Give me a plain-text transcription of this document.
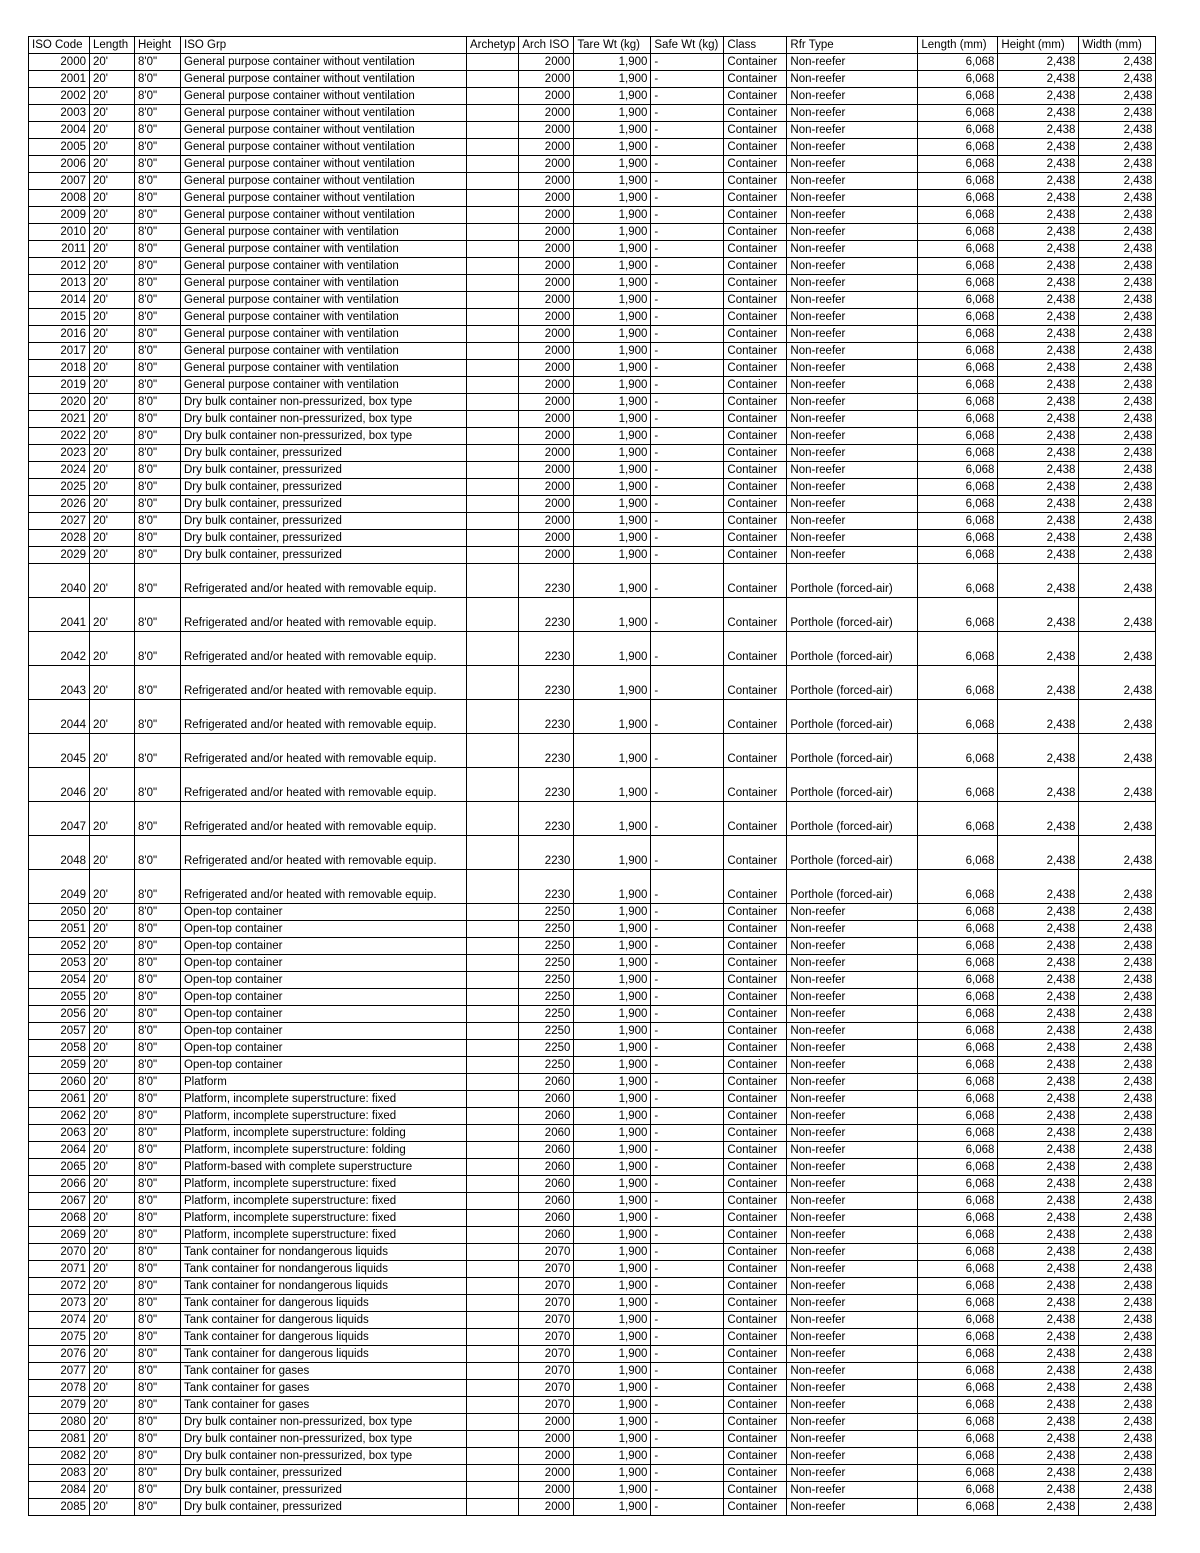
ISO Code	Length	Height	ISO Grp	Archetyp	Arch ISO	Tare Wt (kg)	Safe Wt (kg)	Class	Rfr Type	Length (mm)	Height (mm)	Width (mm)
2000	20'	8'0"	General purpose container without ventilation		2000	1,900	-	Container	Non-reefer	6,068	2,438	2,438
2001	20'	8'0"	General purpose container without ventilation		2000	1,900	-	Container	Non-reefer	6,068	2,438	2,438
2002	20'	8'0"	General purpose container without ventilation		2000	1,900	-	Container	Non-reefer	6,068	2,438	2,438
2003	20'	8'0"	General purpose container without ventilation		2000	1,900	-	Container	Non-reefer	6,068	2,438	2,438
2004	20'	8'0"	General purpose container without ventilation		2000	1,900	-	Container	Non-reefer	6,068	2,438	2,438
2005	20'	8'0"	General purpose container without ventilation		2000	1,900	-	Container	Non-reefer	6,068	2,438	2,438
2006	20'	8'0"	General purpose container without ventilation		2000	1,900	-	Container	Non-reefer	6,068	2,438	2,438
2007	20'	8'0"	General purpose container without ventilation		2000	1,900	-	Container	Non-reefer	6,068	2,438	2,438
2008	20'	8'0"	General purpose container without ventilation		2000	1,900	-	Container	Non-reefer	6,068	2,438	2,438
2009	20'	8'0"	General purpose container without ventilation		2000	1,900	-	Container	Non-reefer	6,068	2,438	2,438
2010	20'	8'0"	General purpose container with ventilation		2000	1,900	-	Container	Non-reefer	6,068	2,438	2,438
2011	20'	8'0"	General purpose container with ventilation		2000	1,900	-	Container	Non-reefer	6,068	2,438	2,438
2012	20'	8'0"	General purpose container with ventilation		2000	1,900	-	Container	Non-reefer	6,068	2,438	2,438
2013	20'	8'0"	General purpose container with ventilation		2000	1,900	-	Container	Non-reefer	6,068	2,438	2,438
2014	20'	8'0"	General purpose container with ventilation		2000	1,900	-	Container	Non-reefer	6,068	2,438	2,438
2015	20'	8'0"	General purpose container with ventilation		2000	1,900	-	Container	Non-reefer	6,068	2,438	2,438
2016	20'	8'0"	General purpose container with ventilation		2000	1,900	-	Container	Non-reefer	6,068	2,438	2,438
2017	20'	8'0"	General purpose container with ventilation		2000	1,900	-	Container	Non-reefer	6,068	2,438	2,438
2018	20'	8'0"	General purpose container with ventilation		2000	1,900	-	Container	Non-reefer	6,068	2,438	2,438
2019	20'	8'0"	General purpose container with ventilation		2000	1,900	-	Container	Non-reefer	6,068	2,438	2,438
2020	20'	8'0"	Dry bulk container non-pressurized, box type		2000	1,900	-	Container	Non-reefer	6,068	2,438	2,438
2021	20'	8'0"	Dry bulk container non-pressurized, box type		2000	1,900	-	Container	Non-reefer	6,068	2,438	2,438
2022	20'	8'0"	Dry bulk container non-pressurized, box type		2000	1,900	-	Container	Non-reefer	6,068	2,438	2,438
2023	20'	8'0"	Dry bulk container, pressurized		2000	1,900	-	Container	Non-reefer	6,068	2,438	2,438
2024	20'	8'0"	Dry bulk container, pressurized		2000	1,900	-	Container	Non-reefer	6,068	2,438	2,438
2025	20'	8'0"	Dry bulk container, pressurized		2000	1,900	-	Container	Non-reefer	6,068	2,438	2,438
2026	20'	8'0"	Dry bulk container, pressurized		2000	1,900	-	Container	Non-reefer	6,068	2,438	2,438
2027	20'	8'0"	Dry bulk container, pressurized		2000	1,900	-	Container	Non-reefer	6,068	2,438	2,438
2028	20'	8'0"	Dry bulk container, pressurized		2000	1,900	-	Container	Non-reefer	6,068	2,438	2,438
2029	20'	8'0"	Dry bulk container, pressurized		2000	1,900	-	Container	Non-reefer	6,068	2,438	2,438
2040	20'	8'0"	Refrigerated and/or heated with removable equip.		2230	1,900	-	Container	Porthole (forced-air)	6,068	2,438	2,438
2041	20'	8'0"	Refrigerated and/or heated with removable equip.		2230	1,900	-	Container	Porthole (forced-air)	6,068	2,438	2,438
2042	20'	8'0"	Refrigerated and/or heated with removable equip.		2230	1,900	-	Container	Porthole (forced-air)	6,068	2,438	2,438
2043	20'	8'0"	Refrigerated and/or heated with removable equip.		2230	1,900	-	Container	Porthole (forced-air)	6,068	2,438	2,438
2044	20'	8'0"	Refrigerated and/or heated with removable equip.		2230	1,900	-	Container	Porthole (forced-air)	6,068	2,438	2,438
2045	20'	8'0"	Refrigerated and/or heated with removable equip.		2230	1,900	-	Container	Porthole (forced-air)	6,068	2,438	2,438
2046	20'	8'0"	Refrigerated and/or heated with removable equip.		2230	1,900	-	Container	Porthole (forced-air)	6,068	2,438	2,438
2047	20'	8'0"	Refrigerated and/or heated with removable equip.		2230	1,900	-	Container	Porthole (forced-air)	6,068	2,438	2,438
2048	20'	8'0"	Refrigerated and/or heated with removable equip.		2230	1,900	-	Container	Porthole (forced-air)	6,068	2,438	2,438
2049	20'	8'0"	Refrigerated and/or heated with removable equip.		2230	1,900	-	Container	Porthole (forced-air)	6,068	2,438	2,438
2050	20'	8'0"	Open-top container		2250	1,900	-	Container	Non-reefer	6,068	2,438	2,438
2051	20'	8'0"	Open-top container		2250	1,900	-	Container	Non-reefer	6,068	2,438	2,438
2052	20'	8'0"	Open-top container		2250	1,900	-	Container	Non-reefer	6,068	2,438	2,438
2053	20'	8'0"	Open-top container		2250	1,900	-	Container	Non-reefer	6,068	2,438	2,438
2054	20'	8'0"	Open-top container		2250	1,900	-	Container	Non-reefer	6,068	2,438	2,438
2055	20'	8'0"	Open-top container		2250	1,900	-	Container	Non-reefer	6,068	2,438	2,438
2056	20'	8'0"	Open-top container		2250	1,900	-	Container	Non-reefer	6,068	2,438	2,438
2057	20'	8'0"	Open-top container		2250	1,900	-	Container	Non-reefer	6,068	2,438	2,438
2058	20'	8'0"	Open-top container		2250	1,900	-	Container	Non-reefer	6,068	2,438	2,438
2059	20'	8'0"	Open-top container		2250	1,900	-	Container	Non-reefer	6,068	2,438	2,438
2060	20'	8'0"	Platform		2060	1,900	-	Container	Non-reefer	6,068	2,438	2,438
2061	20'	8'0"	Platform, incomplete superstructure: fixed		2060	1,900	-	Container	Non-reefer	6,068	2,438	2,438
2062	20'	8'0"	Platform, incomplete superstructure: fixed		2060	1,900	-	Container	Non-reefer	6,068	2,438	2,438
2063	20'	8'0"	Platform, incomplete superstructure: folding		2060	1,900	-	Container	Non-reefer	6,068	2,438	2,438
2064	20'	8'0"	Platform, incomplete superstructure: folding		2060	1,900	-	Container	Non-reefer	6,068	2,438	2,438
2065	20'	8'0"	Platform-based with complete superstructure		2060	1,900	-	Container	Non-reefer	6,068	2,438	2,438
2066	20'	8'0"	Platform, incomplete superstructure: fixed		2060	1,900	-	Container	Non-reefer	6,068	2,438	2,438
2067	20'	8'0"	Platform, incomplete superstructure: fixed		2060	1,900	-	Container	Non-reefer	6,068	2,438	2,438
2068	20'	8'0"	Platform, incomplete superstructure: fixed		2060	1,900	-	Container	Non-reefer	6,068	2,438	2,438
2069	20'	8'0"	Platform, incomplete superstructure: fixed		2060	1,900	-	Container	Non-reefer	6,068	2,438	2,438
2070	20'	8'0"	Tank container for nondangerous liquids		2070	1,900	-	Container	Non-reefer	6,068	2,438	2,438
2071	20'	8'0"	Tank container for nondangerous liquids		2070	1,900	-	Container	Non-reefer	6,068	2,438	2,438
2072	20'	8'0"	Tank container for nondangerous liquids		2070	1,900	-	Container	Non-reefer	6,068	2,438	2,438
2073	20'	8'0"	Tank container for dangerous liquids		2070	1,900	-	Container	Non-reefer	6,068	2,438	2,438
2074	20'	8'0"	Tank container for dangerous liquids		2070	1,900	-	Container	Non-reefer	6,068	2,438	2,438
2075	20'	8'0"	Tank container for dangerous liquids		2070	1,900	-	Container	Non-reefer	6,068	2,438	2,438
2076	20'	8'0"	Tank container for dangerous liquids		2070	1,900	-	Container	Non-reefer	6,068	2,438	2,438
2077	20'	8'0"	Tank container for gases		2070	1,900	-	Container	Non-reefer	6,068	2,438	2,438
2078	20'	8'0"	Tank container for gases		2070	1,900	-	Container	Non-reefer	6,068	2,438	2,438
2079	20'	8'0"	Tank container for gases		2070	1,900	-	Container	Non-reefer	6,068	2,438	2,438
2080	20'	8'0"	Dry bulk container non-pressurized, box type		2000	1,900	-	Container	Non-reefer	6,068	2,438	2,438
2081	20'	8'0"	Dry bulk container non-pressurized, box type		2000	1,900	-	Container	Non-reefer	6,068	2,438	2,438
2082	20'	8'0"	Dry bulk container non-pressurized, box type		2000	1,900	-	Container	Non-reefer	6,068	2,438	2,438
2083	20'	8'0"	Dry bulk container, pressurized		2000	1,900	-	Container	Non-reefer	6,068	2,438	2,438
2084	20'	8'0"	Dry bulk container, pressurized		2000	1,900	-	Container	Non-reefer	6,068	2,438	2,438
2085	20'	8'0"	Dry bulk container, pressurized		2000	1,900	-	Container	Non-reefer	6,068	2,438	2,438
